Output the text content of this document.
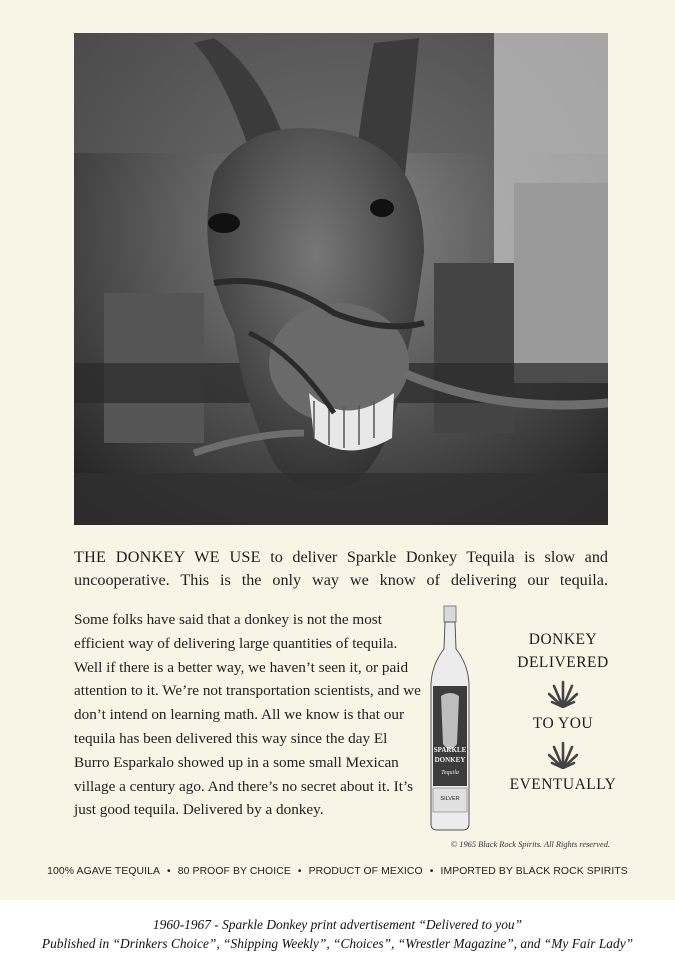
THE DONKEY WE USE to deliver Sparkle Donkey Tequila is slow and uncooperative. This is the only way we know of delivering our tequila.
Some folks have said that a donkey is not the most efficient way of delivering large quantities of tequila. Well if there is a better way, we haven’t seen it, or paid attention to it. We’re not transportation scientists, and we don’t intend on learning math. All we know is that our tequila has been delivered this way since the day El Burro Esparkalo showed up in a some small Mexican village a century ago. And there’s no secret about it. It’s just good tequila. Delivered by a donkey.
SPARKLE
DONKEY
Tequila
SILVER
DONKEY
DELIVERED
TO YOU
EVENTUALLY
© 1965 Black Rock Spirits. All Rights reserved.
100% AGAVE TEQUILA • 80 PROOF BY CHOICE • PRODUCT OF MEXICO • IMPORTED BY BLACK ROCK SPIRITS
1960-1967 - Sparkle Donkey print advertisement “Delivered to you”
Published in “Drinkers Choice”, “Shipping Weekly”, “Choices”, “Wrestler Magazine”, and “My Fair Lady”
